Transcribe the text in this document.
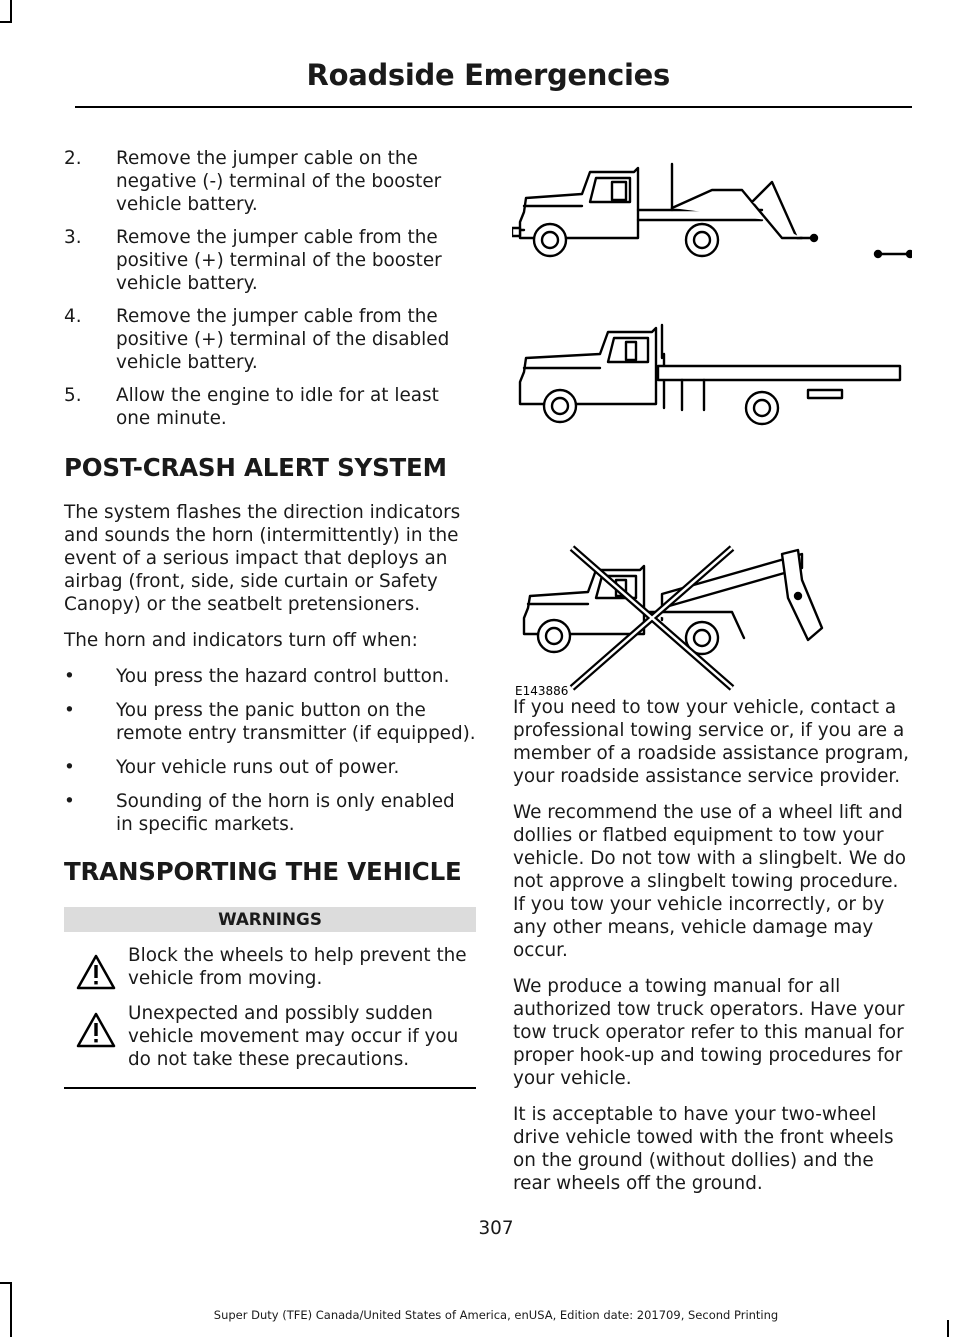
Roadside Emergencies
2. Remove the jumper cable on the negative (-) terminal of the booster vehicle battery.
3. Remove the jumper cable from the positive (+) terminal of the booster vehicle battery.
4. Remove the jumper cable from the positive (+) terminal of the disabled vehicle battery.
5. Allow the engine to idle for at least one minute.
POST-CRASH ALERT SYSTEM

The system flashes the direction indicators and sounds the horn (intermittently) in the event of a serious impact that deploys an airbag (front, side, side curtain or Safety Canopy) or the seatbelt pretensioners.

The horn and indicators turn off when:

• You press the hazard control button.
• You press the panic button on the remote entry transmitter (if equipped).
• Your vehicle runs out of power.
• Sounding of the horn is only enabled in specific markets.
TRANSPORTING THE VEHICLE
WARNINGS
Block the wheels to help prevent the vehicle from moving.
Unexpected and possibly sudden vehicle movement may occur if you do not take these precautions.
E143886

If you need to tow your vehicle, contact a professional towing service or, if you are a member of a roadside assistance program, your roadside assistance service provider.

We recommend the use of a wheel lift and dollies or flatbed equipment to tow your vehicle. Do not tow with a slingbelt. We do not approve a slingbelt towing procedure. If you tow your vehicle incorrectly, or by any other means, vehicle damage may occur.

We produce a towing manual for all authorized tow truck operators. Have your tow truck operator refer to this manual for proper hook-up and towing procedures for your vehicle.

It is acceptable to have your two-wheel drive vehicle towed with the front wheels on the ground (without dollies) and the rear wheels off the ground.

307
Super Duty (TFE) Canada/United States of America, enUSA, Edition date: 201709, Second Printing
